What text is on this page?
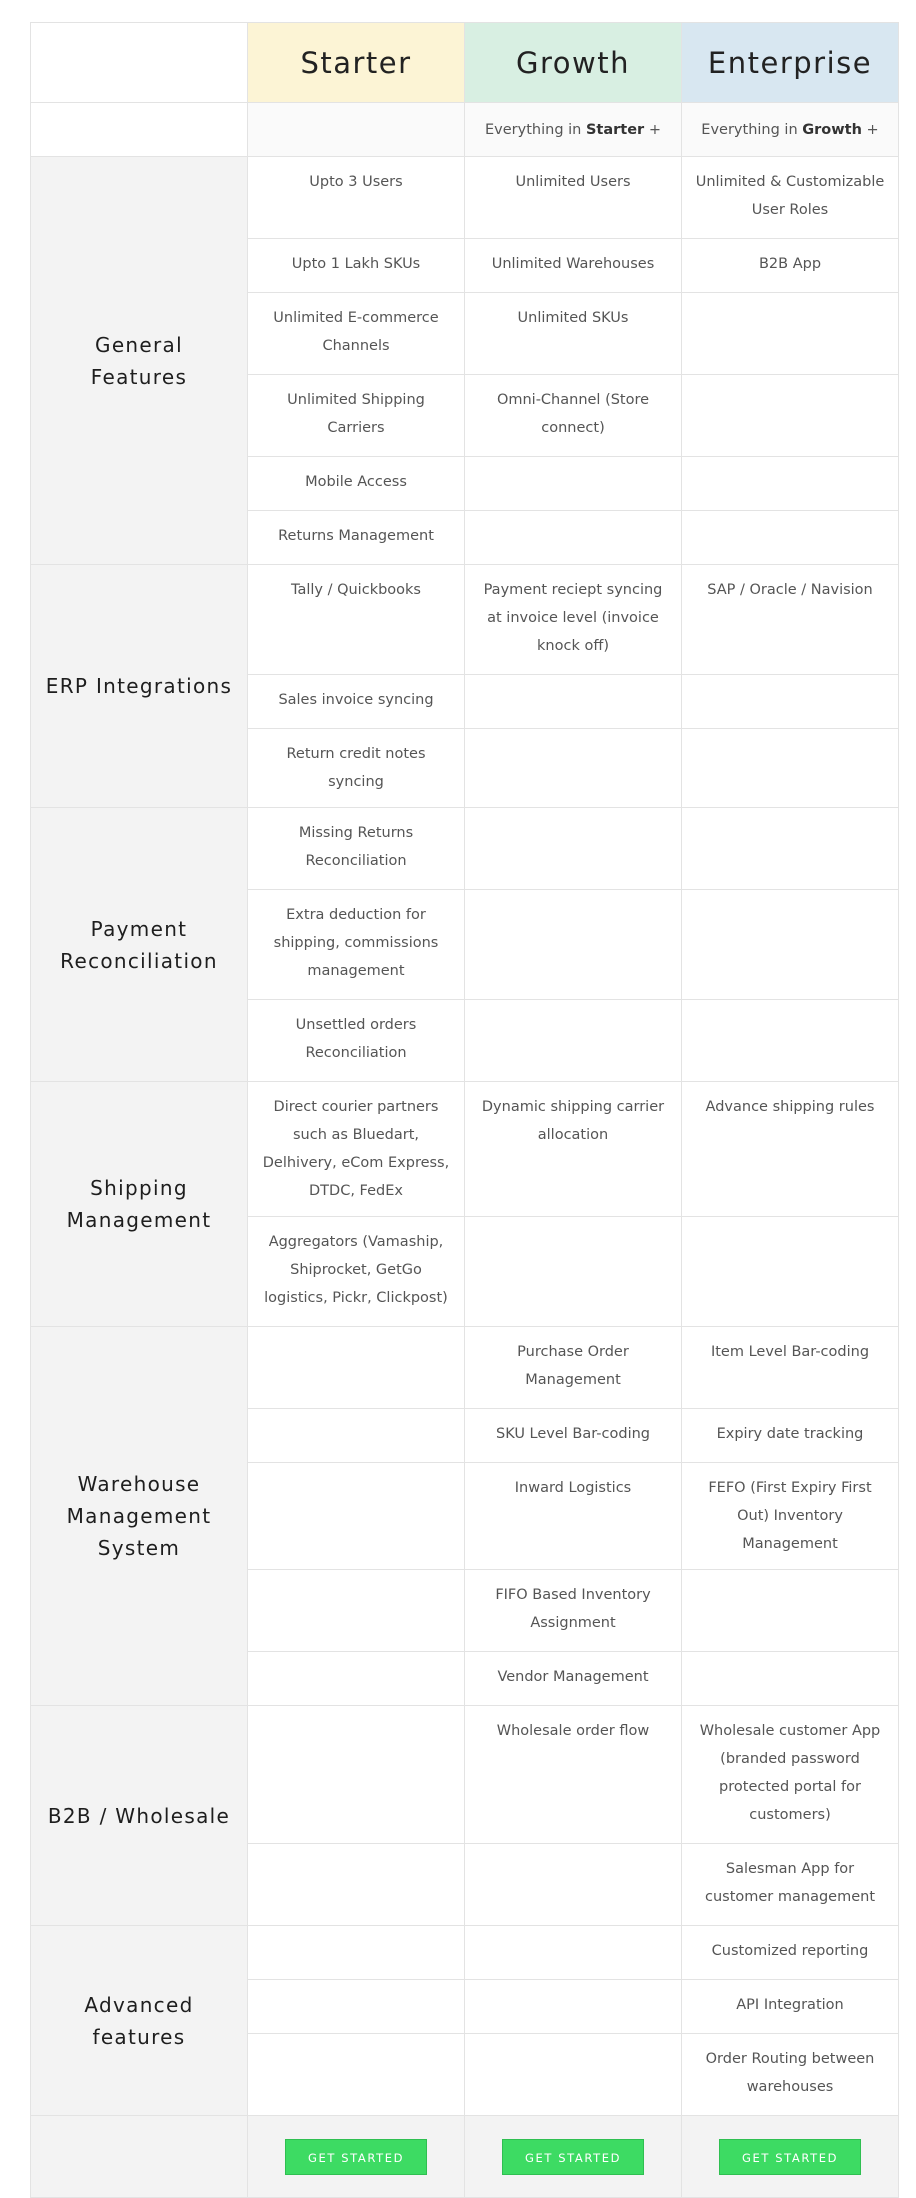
	Starter	Growth	Enterprise
		Everything in Starter +	Everything in Growth +
General Features	Upto 3 Users	Unlimited Users	Unlimited & Customizable User Roles
	Upto 1 Lakh SKUs	Unlimited Warehouses	B2B App
	Unlimited E-commerce Channels	Unlimited SKUs	
	Unlimited Shipping Carriers	Omni-Channel (Store connect)	
	Mobile Access		
	Returns Management		
ERP Integrations	Tally / Quickbooks	Payment reciept syncing at invoice level (invoice knock off)	SAP / Oracle / Navision
	Sales invoice syncing		
	Return credit notes syncing		
Payment Reconciliation	Missing Returns Reconciliation		
	Extra deduction for shipping, commissions management		
	Unsettled orders Reconciliation		
Shipping Management	Direct courier partners such as Bluedart, Delhivery, eCom Express, DTDC, FedEx	Dynamic shipping carrier allocation	Advance shipping rules
	Aggregators (Vamaship, Shiprocket, GetGo logistics, Pickr, Clickpost)		
Warehouse Management System		Purchase Order Management	Item Level Bar-coding
		SKU Level Bar-coding	Expiry date tracking
		Inward Logistics	FEFO (First Expiry First Out) Inventory Management
		FIFO Based Inventory Assignment	
		Vendor Management	
B2B / Wholesale		Wholesale order flow	Wholesale customer App (branded password protected portal for customers)
			Salesman App for customer management
Advanced features			Customized reporting
			API Integration
			Order Routing between warehouses
	GET STARTED	GET STARTED	GET STARTED
